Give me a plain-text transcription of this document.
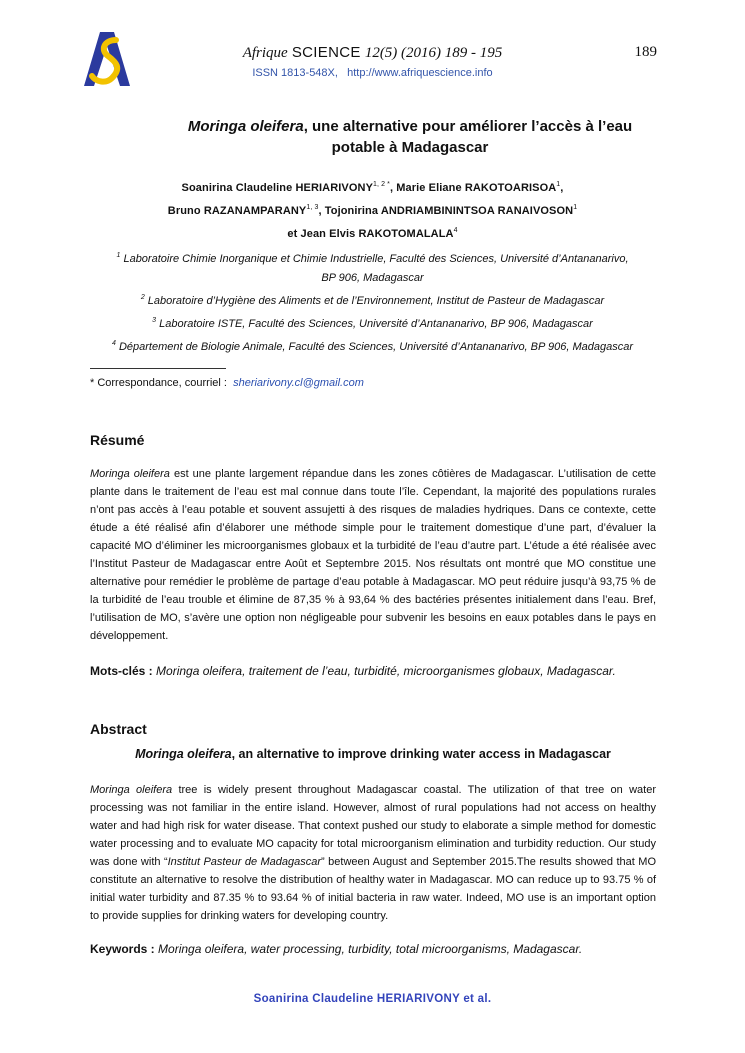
AS
Afrique SCIENCE 12(5) (2016) 189 - 195	189
ISSN 1813-548X, http://www.afriquescience.info
Moringa oleifera, une alternative pour améliorer l’accès à l’eau
potable à Madagascar
Soanirina Claudeline $HERIARIVONY^{1, 2 *}$, Marie Eliane RAKOTOARISOA$^1$,
Bruno RAZANAMPARANY$^{1, 3}$, Tojonirina ANDRIAMBININTSOA RANAIVOSON$^1$
et Jean Elvis RAKOTOMALALA$^4$
$^1$ Laboratoire Chimie Inorganique et Chimie Industrielle, Faculté des Sciences, Université d’Antananarivo,
BP 906, Madagascar
$^2$ Laboratoire d’Hygiène des Aliments et de l’Environnement, Institut de Pasteur de Madagascar
$^3$ Laboratoire ISTE, Faculté des Sciences, Université d’Antananarivo, BP 906, Madagascar
$^4$ Département de Biologie Animale, Faculté des Sciences, Université d’Antananarivo, BP 906, Madagascar
* Correspondance, courriel : sheriarivony.cl@gmail.com
Résumé
Moringa oleifera est une plante largement répandue dans les zones côtières de Madagascar. L’utilisation de cette plante dans le traitement de l’eau est mal connue dans toute l’île. Cependant, la majorité des populations rurales n’ont pas accès à l’eau potable et souvent assujetti à des risques de maladies hydriques. Dans ce contexte, cette étude a été réalisé afin d’élaborer une méthode simple pour le traitement domestique d’une part, d’évaluer la capacité MO d’éliminer les microorganismes globaux et la turbidité de l’eau d’autre part. L’étude a été réalisée avec l’Institut Pasteur de Madagascar entre Août et Septembre 2015. Nos résultats ont montré que MO constitue une alternative pour remédier le problème de partage d’eau potable à Madagascar. MO peut réduire jusqu’à 93,75 % de la turbidité de l’eau trouble et élimine de 87,35 % à 93,64 % des bactéries présentes initialement dans l’eau. Bref, l’utilisation de MO, s’avère une option non négligeable pour subvenir les besoins en eaux potables dans le pays en développement.
Mots-clés : Moringa oleifera, traitement de l’eau, turbidité, microorganismes globaux, Madagascar.
Abstract
Moringa oleifera, an alternative to improve drinking water access in Madagascar
Moringa oleifera tree is widely present throughout Madagascar coastal. The utilization of that tree on water processing was not familiar in the entire island. However, almost of rural populations had not access on healthy water and had high risk for water disease. That context pushed our study to elaborate a simple method for domestic water processing and to evaluate MO capacity for total microorganism elimination and turbidity reduction. Our study was done with “Institut Pasteur de Madagascar” between August and September 2015.The results showed that MO constitute an alternative to resolve the distribution of healthy water in Madagascar. MO can reduce up to 93.75 % of initial water turbidity and 87.35 % to 93.64 % of initial bacteria in raw water. Indeed, MO use is an important option to provide supplies for drinking waters for developing country.
Keywords : Moringa oleifera, water processing, turbidity, total microorganisms, Madagascar.
Soanirina Claudeline HERIARIVONY et al.
